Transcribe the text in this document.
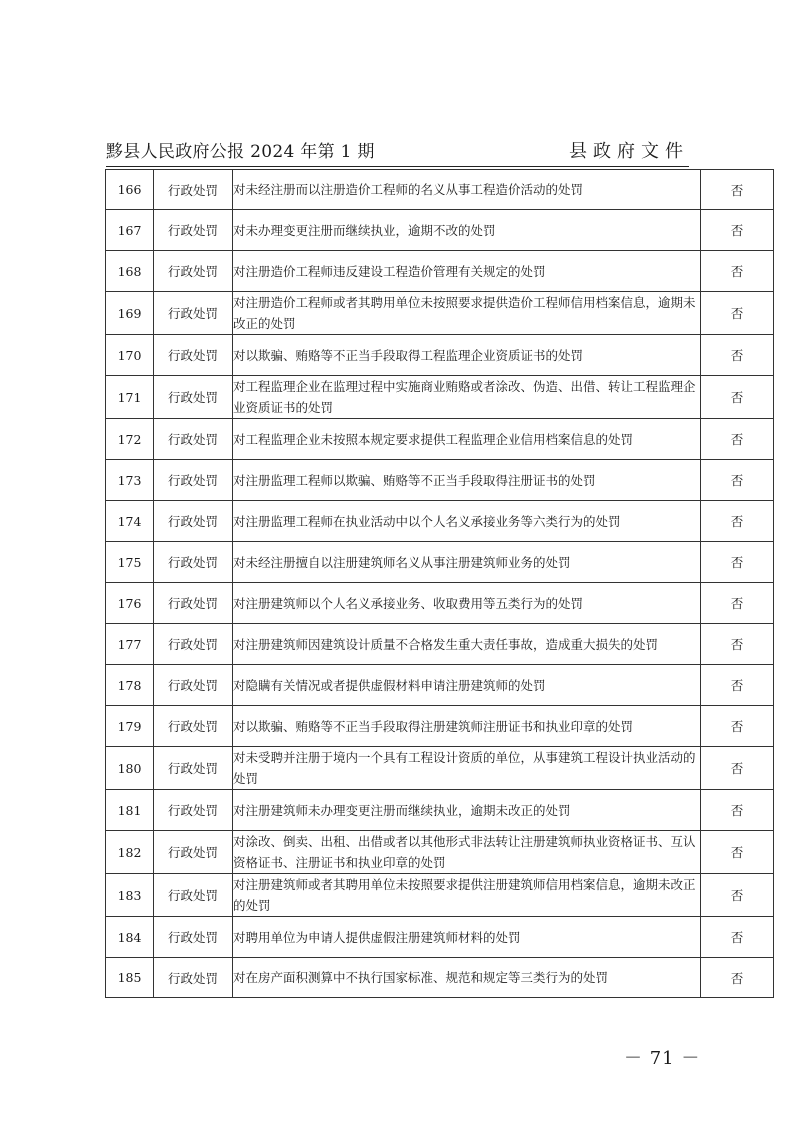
黟县人民政府公报 2024 年第 1 期	县政府文件
166	行政处罚	对未经注册而以注册造价工程师的名义从事工程造价活动的处罚	否
167	行政处罚	对未办理变更注册而继续执业，逾期不改的处罚	否
168	行政处罚	对注册造价工程师违反建设工程造价管理有关规定的处罚	否
169	行政处罚	对注册造价工程师或者其聘用单位未按照要求提供造价工程师信用档案信息，逾期未改正的处罚	否
170	行政处罚	对以欺骗、贿赂等不正当手段取得工程监理企业资质证书的处罚	否
171	行政处罚	对工程监理企业在监理过程中实施商业贿赂或者涂改、伪造、出借、转让工程监理企业资质证书的处罚	否
172	行政处罚	对工程监理企业未按照本规定要求提供工程监理企业信用档案信息的处罚	否
173	行政处罚	对注册监理工程师以欺骗、贿赂等不正当手段取得注册证书的处罚	否
174	行政处罚	对注册监理工程师在执业活动中以个人名义承接业务等六类行为的处罚	否
175	行政处罚	对未经注册擅自以注册建筑师名义从事注册建筑师业务的处罚	否
176	行政处罚	对注册建筑师以个人名义承接业务、收取费用等五类行为的处罚	否
177	行政处罚	对注册建筑师因建筑设计质量不合格发生重大责任事故，造成重大损失的处罚	否
178	行政处罚	对隐瞒有关情况或者提供虚假材料申请注册建筑师的处罚	否
179	行政处罚	对以欺骗、贿赂等不正当手段取得注册建筑师注册证书和执业印章的处罚	否
180	行政处罚	对未受聘并注册于境内一个具有工程设计资质的单位，从事建筑工程设计执业活动的处罚	否
181	行政处罚	对注册建筑师未办理变更注册而继续执业，逾期未改正的处罚	否
182	行政处罚	对涂改、倒卖、出租、出借或者以其他形式非法转让注册建筑师执业资格证书、互认资格证书、注册证书和执业印章的处罚	否
183	行政处罚	对注册建筑师或者其聘用单位未按照要求提供注册建筑师信用档案信息，逾期未改正的处罚	否
184	行政处罚	对聘用单位为申请人提供虚假注册建筑师材料的处罚	否
185	行政处罚	对在房产面积测算中不执行国家标准、规范和规定等三类行为的处罚	否
－ 71 －
